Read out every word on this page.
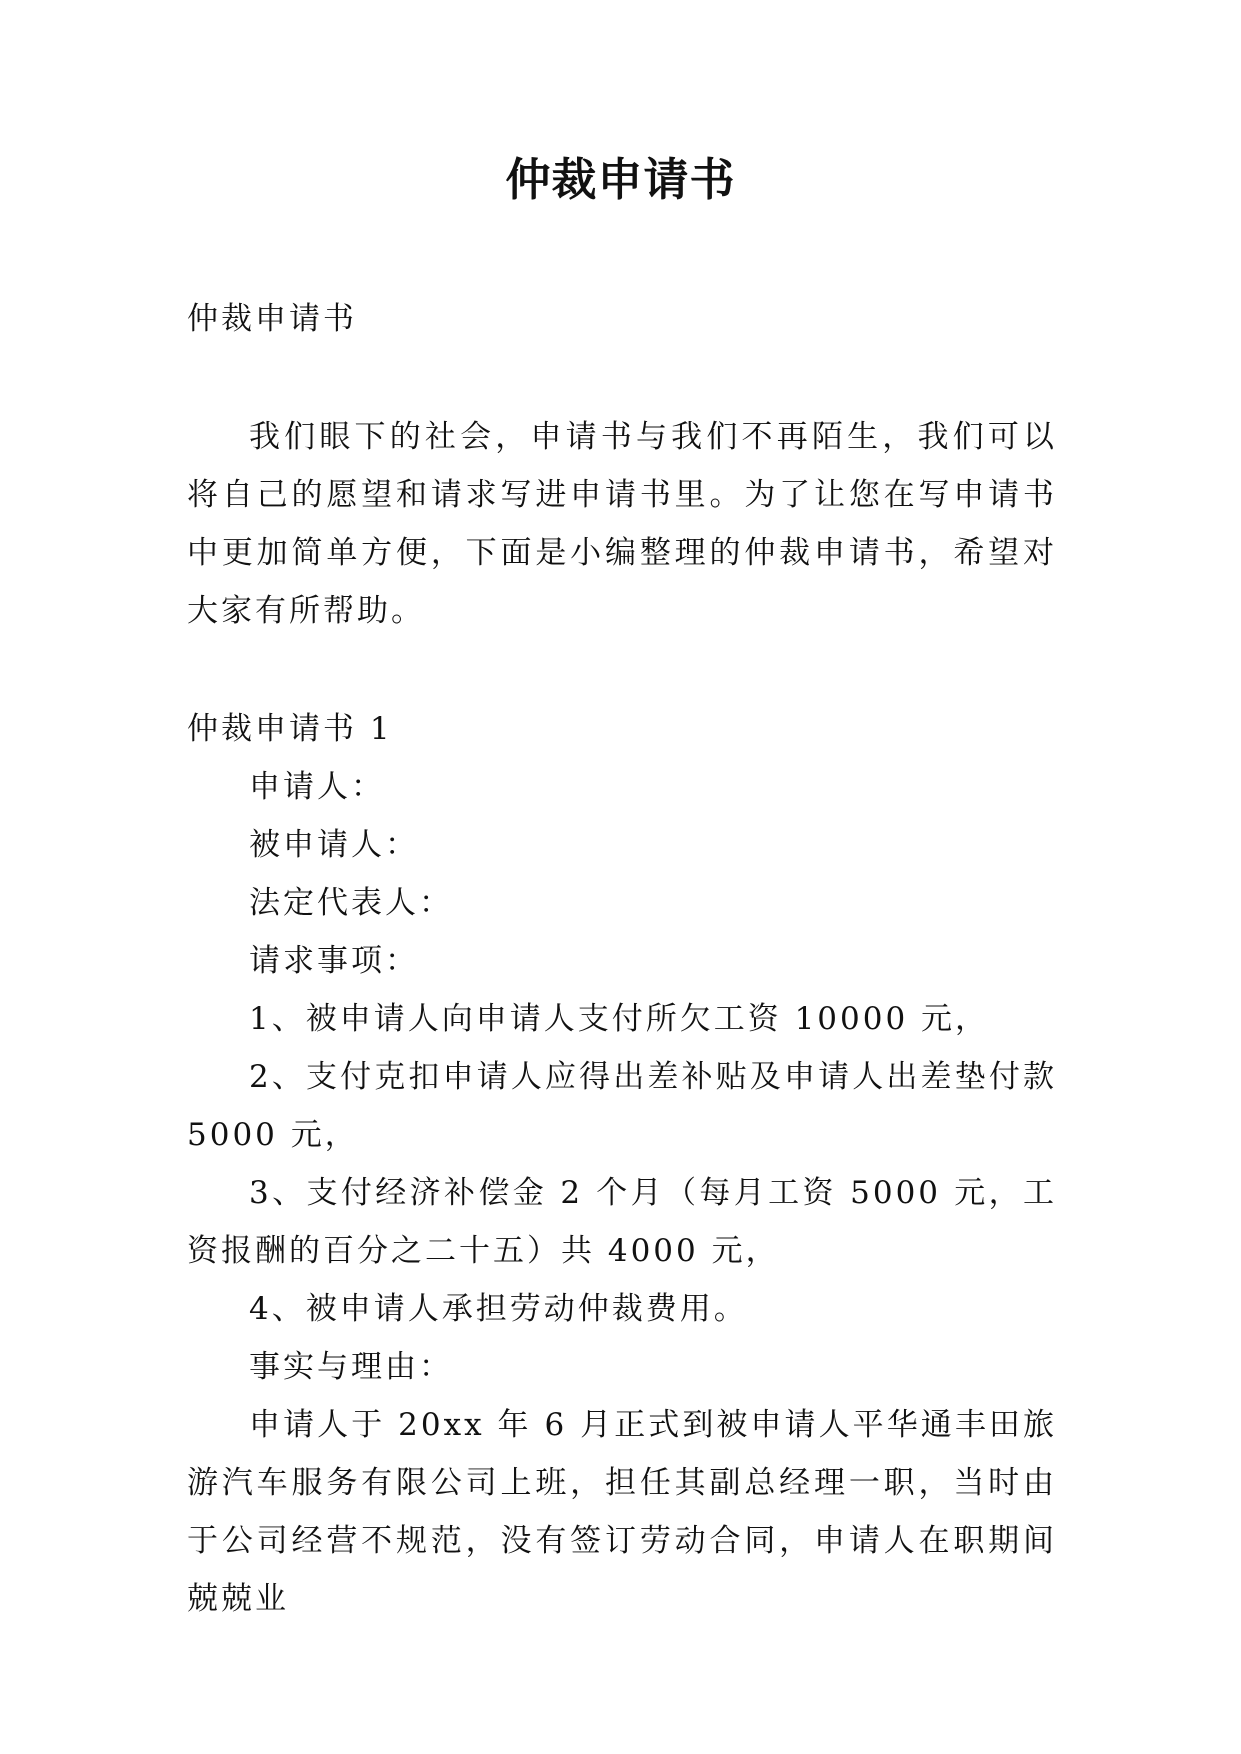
仲裁申请书

仲裁申请书

我们眼下的社会，申请书与我们不再陌生，我们可以将自己的愿望和请求写进申请书里。为了让您在写申请书中更加简单方便，下面是小编整理的仲裁申请书，希望对大家有所帮助。

仲裁申请书 1

申请人：

被申请人：

法定代表人：

请求事项：

1、被申请人向申请人支付所欠工资 10000 元，

2、支付克扣申请人应得出差补贴及申请人出差垫付款 5000 元，

3、支付经济补偿金 2 个月（每月工资 5000 元，工资报酬的百分之二十五）共 4000 元，

4、被申请人承担劳动仲裁费用。

事实与理由：

申请人于 20xx 年 6 月正式到被申请人平华通丰田旅游汽车服务有限公司上班，担任其副总经理一职，当时由于公司经营不规范，没有签订劳动合同，申请人在职期间兢兢业
